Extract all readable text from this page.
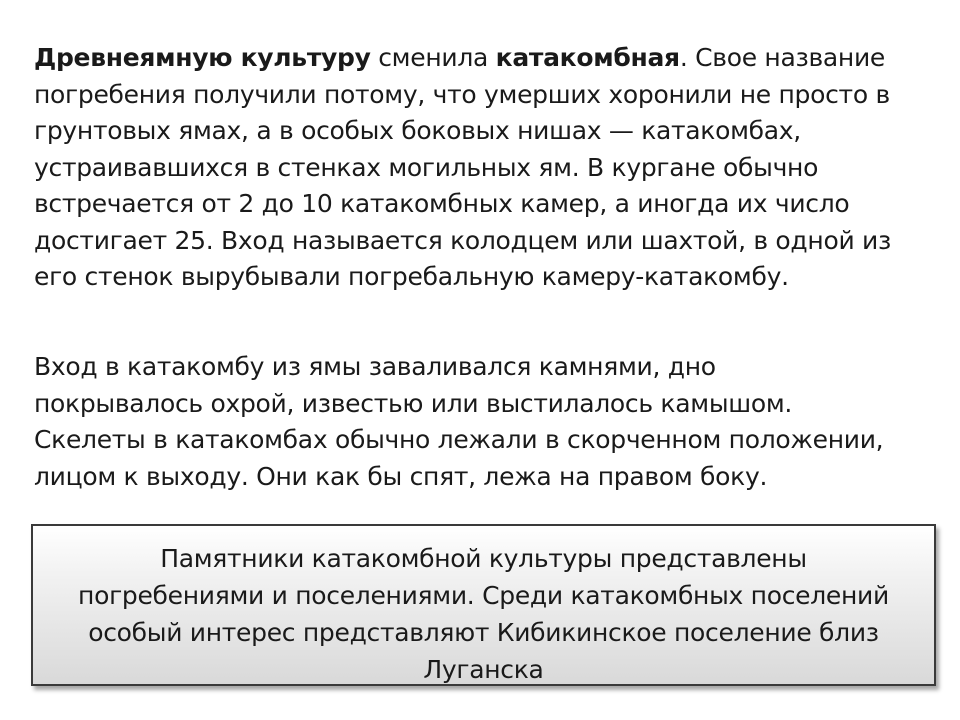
Древнеямную культуру сменила катакомбная. Свое название
погребения получили потому, что умерших хоронили не просто в
грунтовых ямах, а в особых боковых нишах — катакомбах,
устраивавшихся в стенках могильных ям. В кургане обычно
встречается от 2 до 10 катакомбных камер, а иногда их число
достигает 25. Вход называется колодцем или шахтой, в одной из
его стенок вырубывали погребальную камеру-катакомбу.

Вход в катакомбу из ямы заваливался камнями, дно
покрывалось охрой, известью или выстилалось камышом.
Скелеты в катакомбах обычно лежали в скорченном положении,
лицом к выходу. Они как бы спят, лежа на правом боку.

Памятники катакомбной культуры представлены
погребениями и поселениями. Среди катакомбных поселений
особый интерес представляют Кибикинское поселение близ
Луганска
